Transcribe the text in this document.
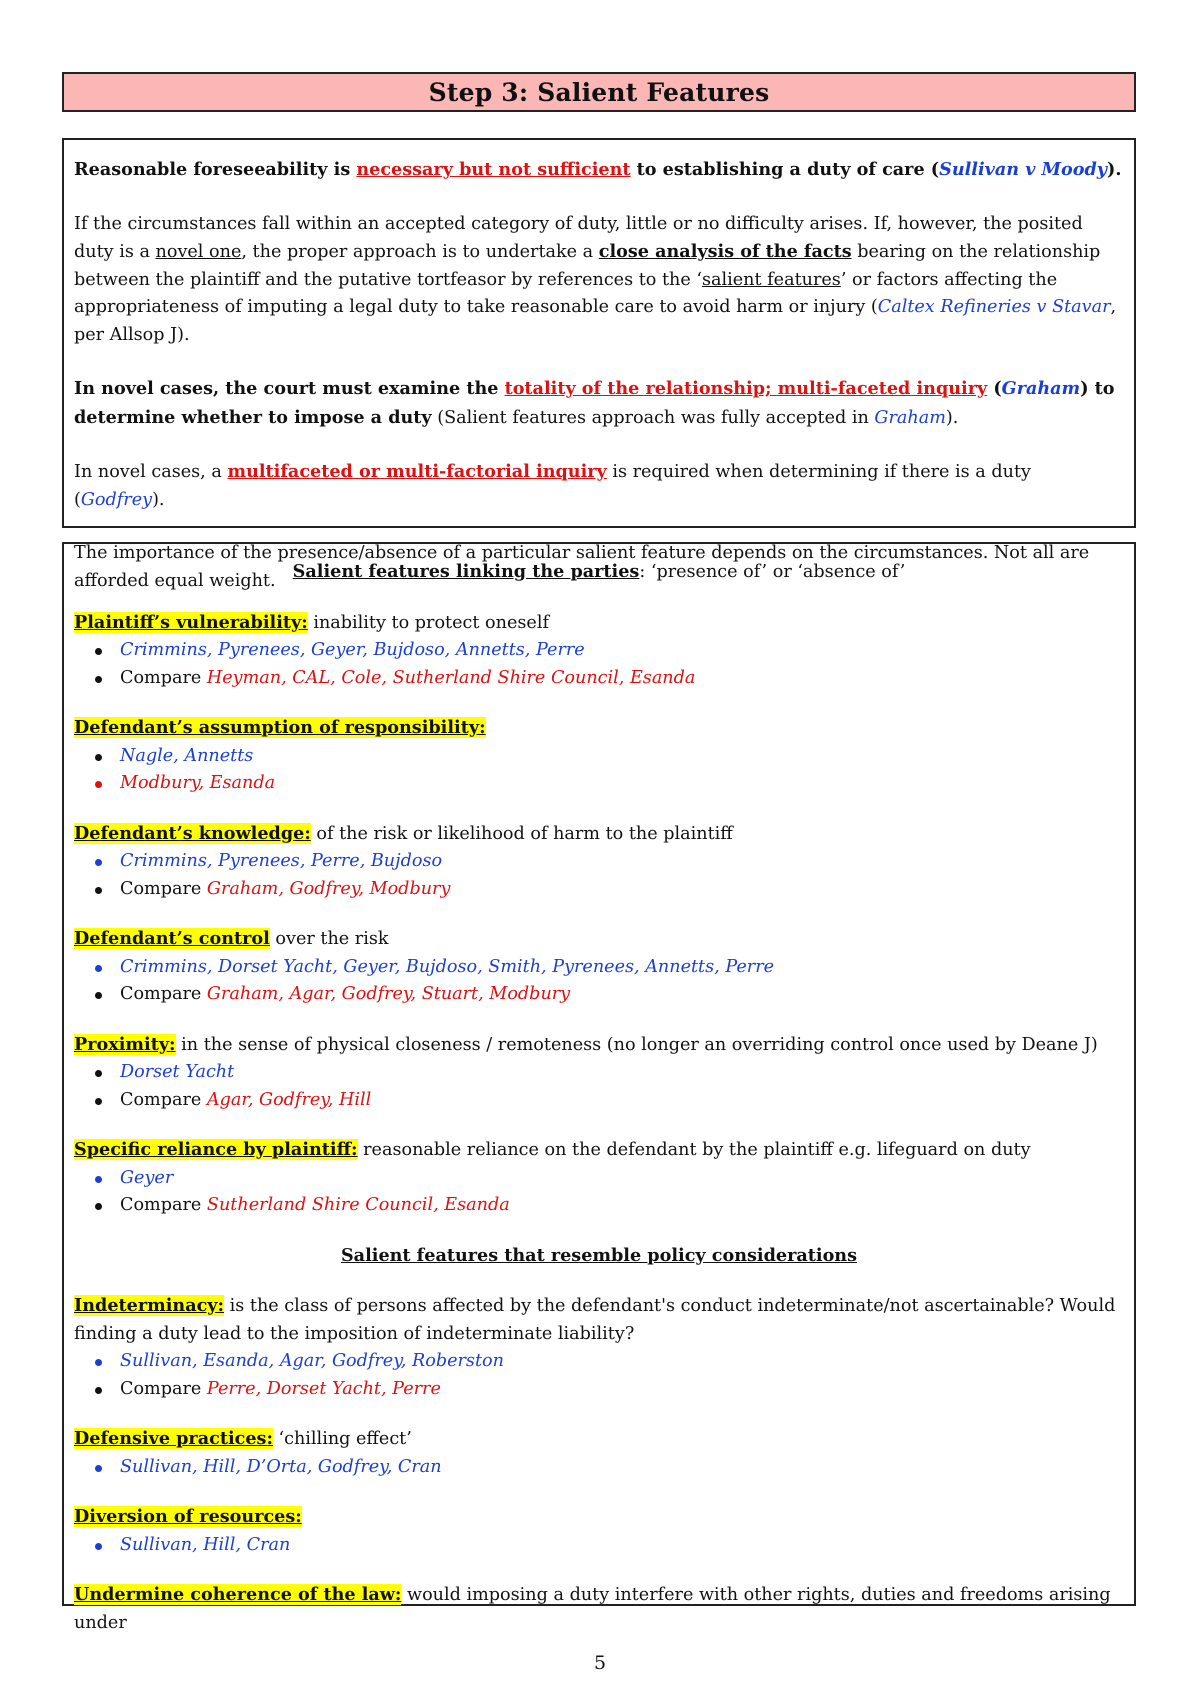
Step 3: Salient Features

Reasonable foreseeability is necessary but not sufficient to establishing a duty of care (Sullivan v Moody).

If the circumstances fall within an accepted category of duty, little or no difficulty arises. If, however, the posited duty is a novel one, the proper approach is to undertake a close analysis of the facts bearing on the relationship between the plaintiff and the putative tortfeasor by references to the ‘salient features’ or factors affecting the appropriateness of imputing a legal duty to take reasonable care to avoid harm or injury (Caltex Refineries v Stavar, per Allsop J).

In novel cases, the court must examine the totality of the relationship; multi-faceted inquiry (Graham) to determine whether to impose a duty (Salient features approach was fully accepted in Graham).

In novel cases, a multifaceted or multi-factorial inquiry is required when determining if there is a duty (Godfrey).

The importance of the presence/absence of a particular salient feature depends on the circumstances. Not all are afforded equal weight. Salient features linking the parties: ‘presence of’ or ‘absence of’

Plaintiff’s vulnerability: inability to protect oneself

Crimmins, Pyrenees, Geyer, Bujdoso, Annetts, Perre
Compare Heyman, CAL, Cole, Sutherland Shire Council, Esanda

Defendant’s assumption of responsibility:

Nagle, Annetts
Modbury, Esanda

Defendant’s knowledge: of the risk or likelihood of harm to the plaintiff

Crimmins, Pyrenees, Perre, Bujdoso
Compare Graham, Godfrey, Modbury

Defendant’s control over the risk

Crimmins, Dorset Yacht, Geyer, Bujdoso, Smith, Pyrenees, Annetts, Perre
Compare Graham, Agar, Godfrey, Stuart, Modbury

Proximity: in the sense of physical closeness / remoteness (no longer an overriding control once used by Deane J)

Dorset Yacht
Compare Agar, Godfrey, Hill

Specific reliance by plaintiff: reasonable reliance on the defendant by the plaintiff e.g. lifeguard on duty

Geyer
Compare Sutherland Shire Council, Esanda

Salient features that resemble policy considerations

Indeterminacy: is the class of persons affected by the defendant's conduct indeterminate/not ascertainable? Would finding a duty lead to the imposition of indeterminate liability?

Sullivan, Esanda, Agar, Godfrey, Roberston
Compare Perre, Dorset Yacht, Perre

Defensive practices: ‘chilling effect’

Sullivan, Hill, D’Orta, Godfrey, Cran

Diversion of resources:

Sullivan, Hill, Cran

Undermine coherence of the law: would imposing a duty interfere with other rights, duties and freedoms arising under

5
